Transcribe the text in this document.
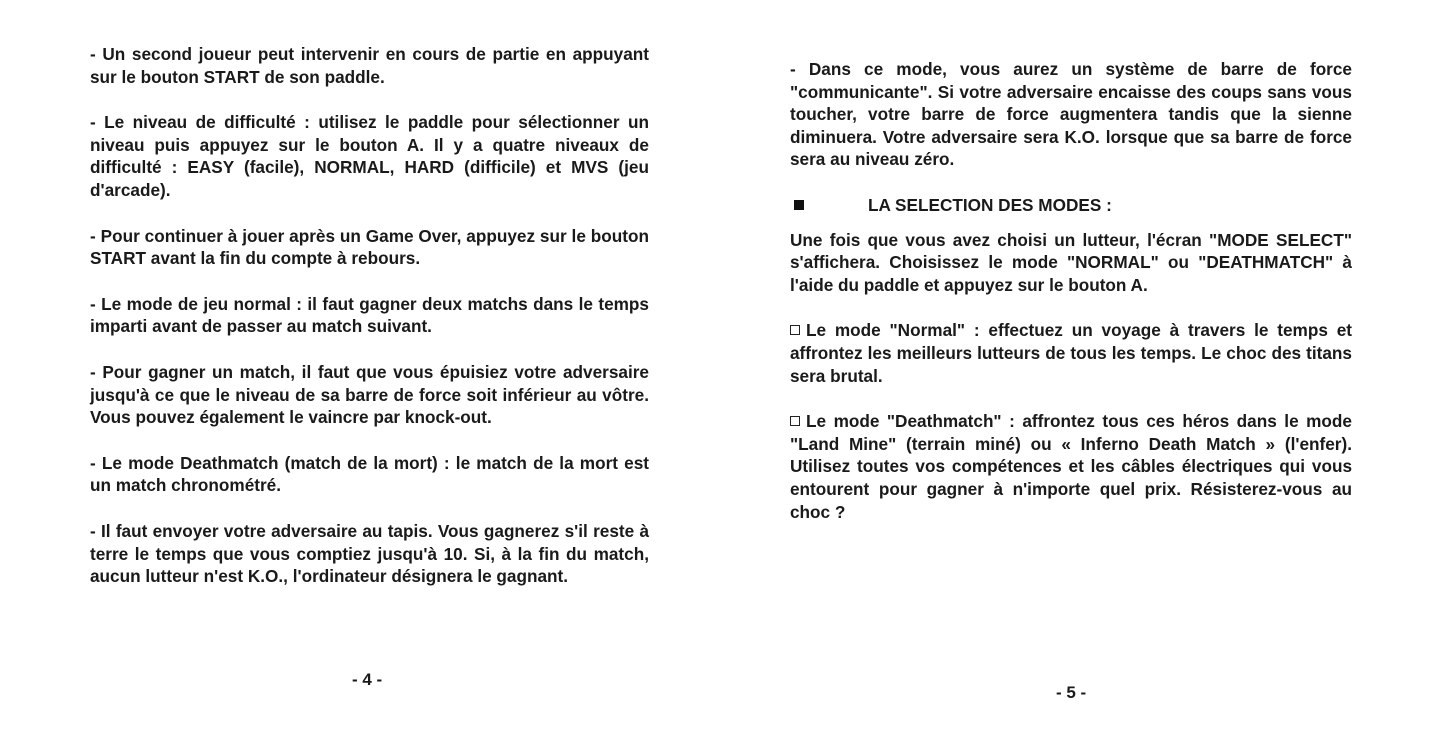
- Un second joueur peut intervenir en cours de partie en appuyant sur le bouton START de son paddle.

- Le niveau de difficulté : utilisez le paddle pour sélectionner un niveau puis appuyez sur le bouton A. Il y a quatre niveaux de difficulté : EASY (facile), NORMAL, HARD (difficile) et MVS (jeu d'arcade).

- Pour continuer à jouer après un Game Over, appuyez sur le bouton START avant la fin du compte à rebours.

- Le mode de jeu normal : il faut gagner deux matchs dans le temps imparti avant de passer au match suivant.

- Pour gagner un match, il faut que vous épuisiez votre adversaire jusqu'à ce que le niveau de sa barre de force soit inférieur au vôtre. Vous pouvez également le vaincre par knock-out.

- Le mode Deathmatch (match de la mort) : le match de la mort est un match chronométré.

- Il faut envoyer votre adversaire au tapis. Vous gagnerez s'il reste à terre le temps que vous comptiez jusqu'à 10. Si, à la fin du match, aucun lutteur n'est K.O., l'ordinateur désignera le gagnant.

- 4 -

- Dans ce mode, vous aurez un système de barre de force "communicante". Si votre adversaire encaisse des coups sans vous toucher, votre barre de force augmentera tandis que la sienne diminuera. Votre adversaire sera K.O. lorsque que sa barre de force sera au niveau zéro.

LA SELECTION DES MODES :

Une fois que vous avez choisi un lutteur, l'écran "MODE SELECT" s'affichera. Choisissez le mode "NORMAL" ou "DEATHMATCH" à l'aide du paddle et appuyez sur le bouton A.

Le mode "Normal" : effectuez un voyage à travers le temps et affrontez les meilleurs lutteurs de tous les temps. Le choc des titans sera brutal.

Le mode "Deathmatch" : affrontez tous ces héros dans le mode "Land Mine" (terrain miné) ou « Inferno Death Match » (l'enfer). Utilisez toutes vos compétences et les câbles électriques qui vous entourent pour gagner à n'importe quel prix. Résisterez-vous au choc ?

- 5 -
